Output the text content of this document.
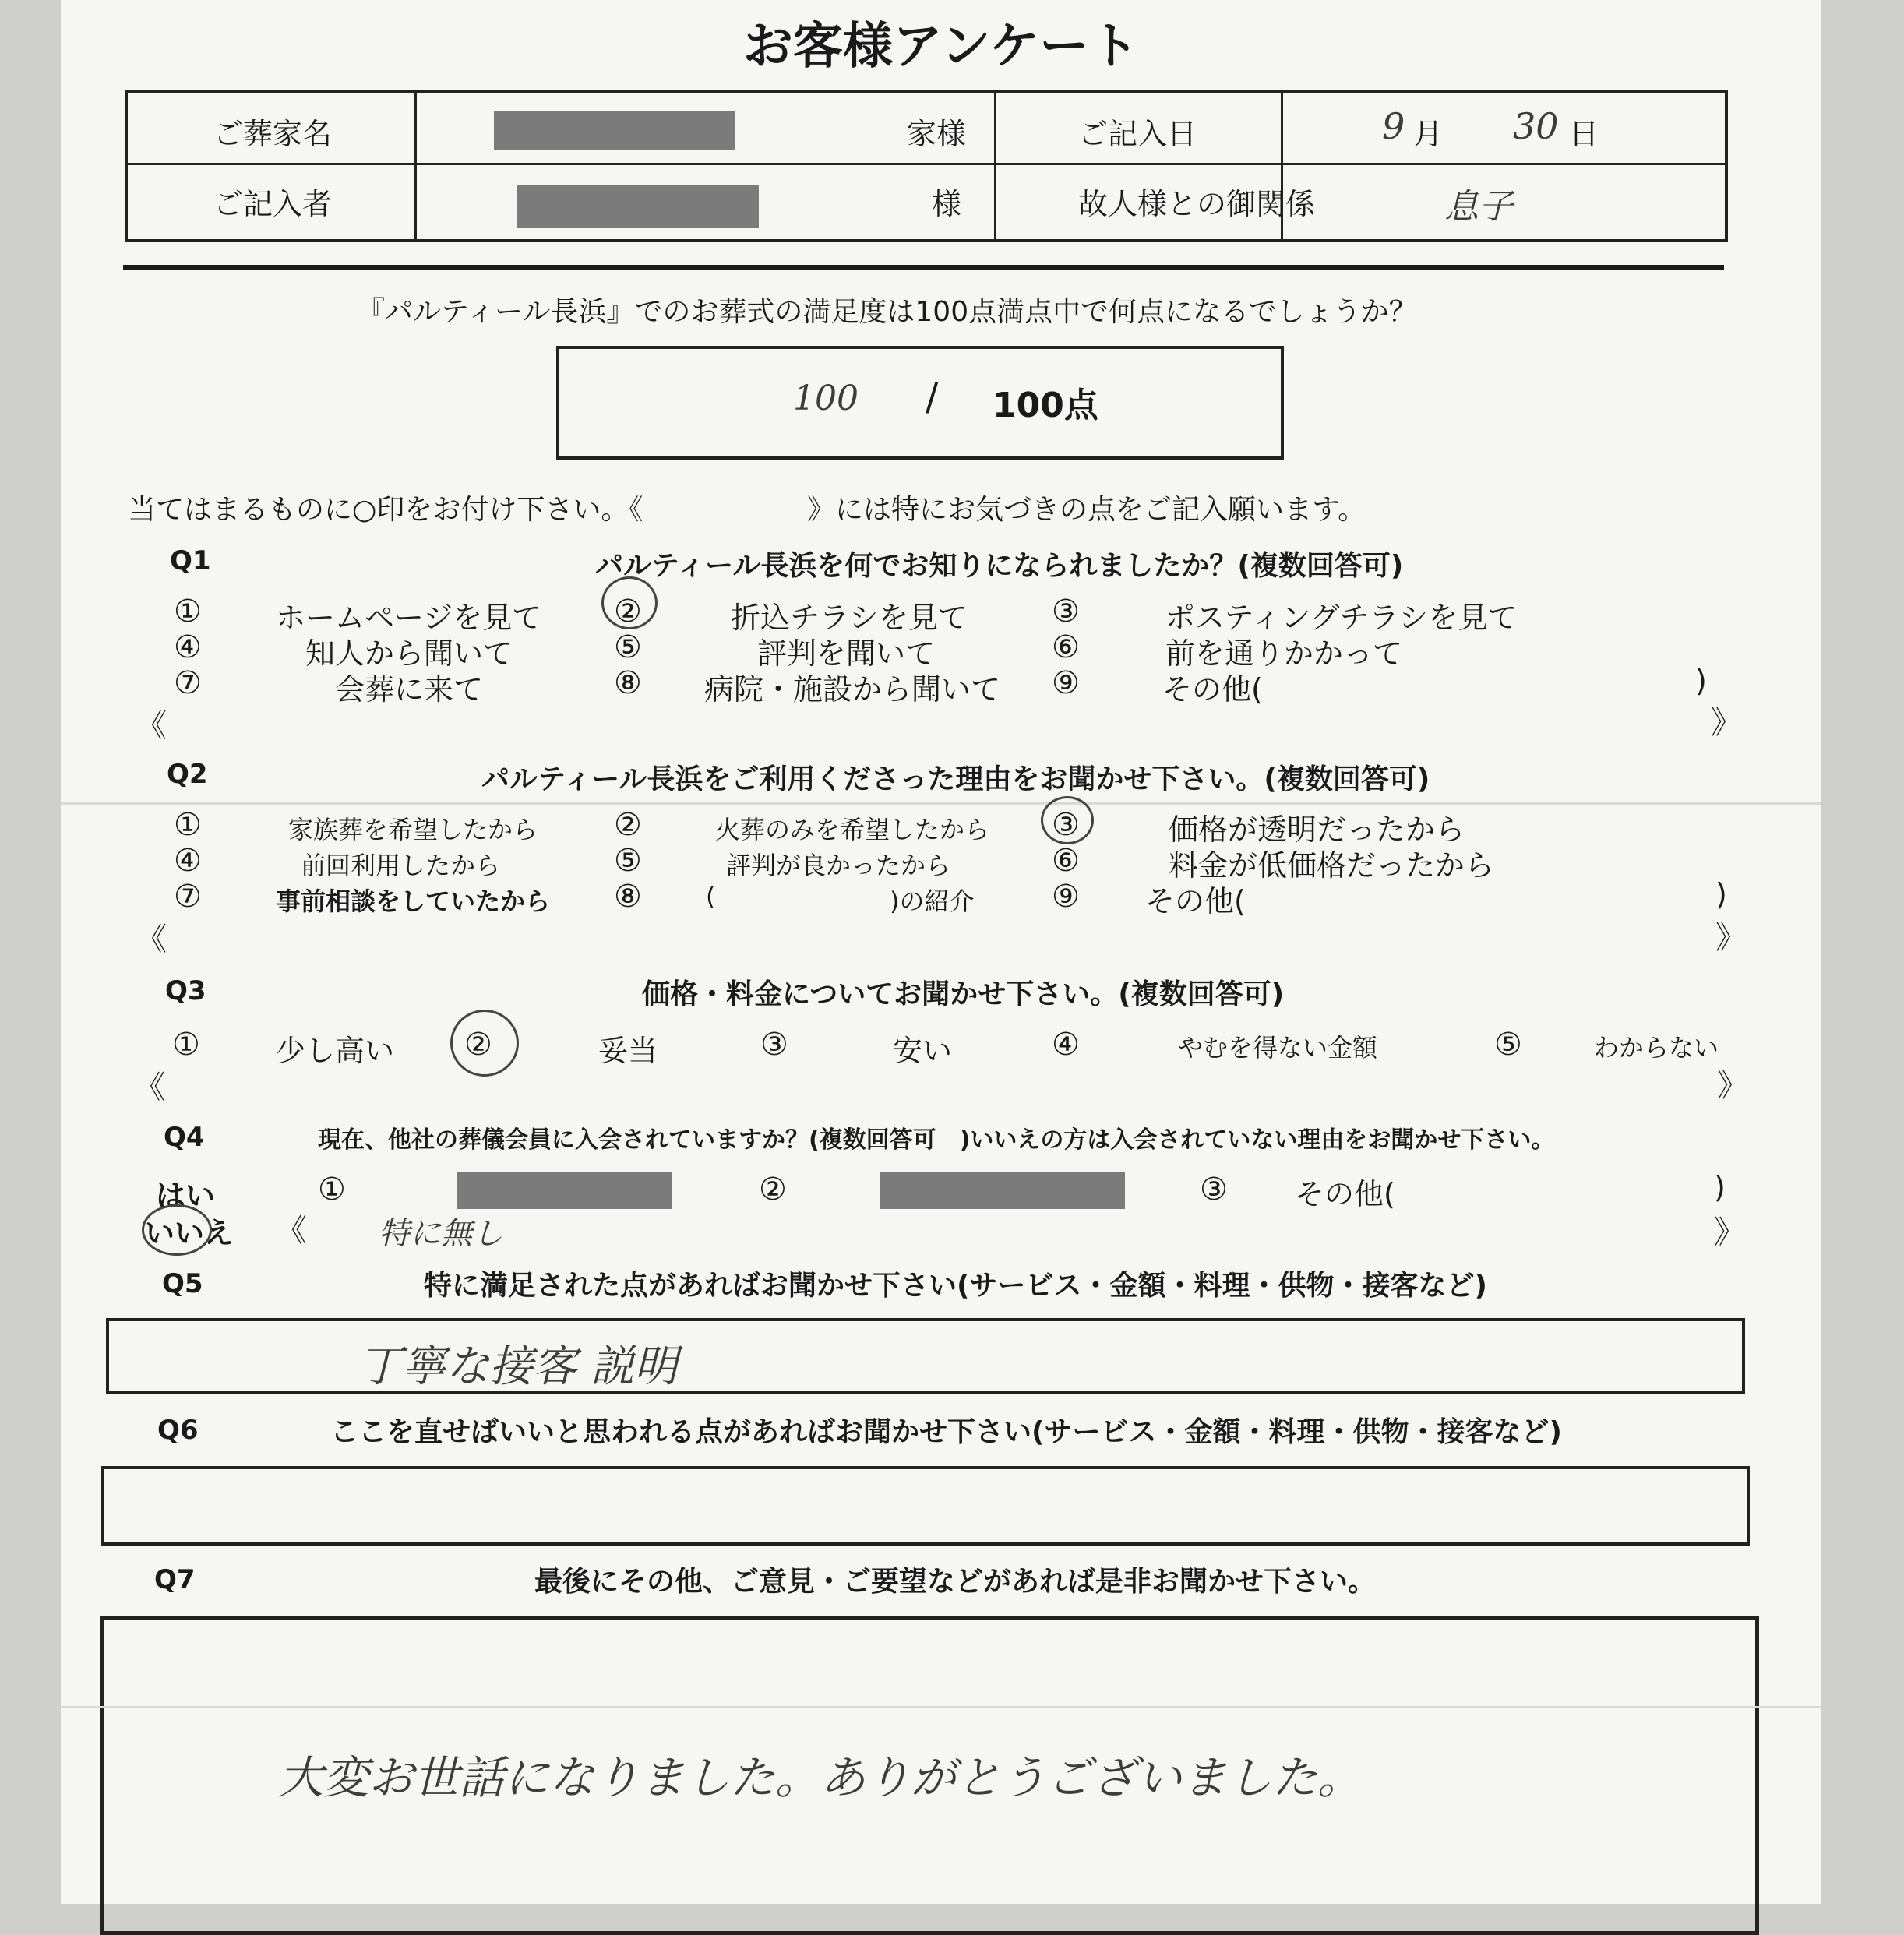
お客様アンケート
ご葬家名	家様	ご記入日	9 月 30 日
ご記入者	様	故人様との御関係	息子
『パルティール長浜』でのお葬式の満足度は100点満点中で何点になるでしょうか？
100 / 100点
当てはまるものに○印をお付け下さい。《	》には特にお気づきの点をご記入願います。
Q1	パルティール長浜を何でお知りになられましたか？(複数回答可)
①	ホームページを見て ②	折込チラシを見て	③	ポスティングチラシを見て
④	知人から聞いて	⑤	評判を聞いて	⑥	前を通りかかって
⑦	会葬に来て	⑧ 病院・施設から聞いて ⑨	その他(	)
《	》
Q2	パルティール長浜をご利用くださった理由をお聞かせ下さい。(複数回答可)
①	家族葬を希望したから ②	火葬のみを希望したから ③	価格が透明だったから
④	前回利用したから	⑤	評判が良かったから	⑥	料金が低価格だったから
⑦	事前相談をしていたから ⑧	(	)の紹介 ⑨ その他(	)
《	》
Q3	価格・料金についてお聞かせ下さい。(複数回答可)
①	少し高い ②	妥当	③	安い	④	やむを得ない金額	⑤	わからない
《	》
Q4	現在、他社の葬儀会員に入会されていますか？(複数回答可　)いいえの方は入会されていない理由をお聞かせ下さい。
はい
いいえ
①	②	③ その他(	)
《 特に無し	》
Q5	特に満足された点があればお聞かせ下さい(サービス・金額・料理・供物・接客など)
丁寧な接客 説明
Q6	ここを直せばいいと思われる点があればお聞かせ下さい(サービス・金額・料理・供物・接客など)
Q7	最後にその他、ご意見・ご要望などがあれば是非お聞かせ下さい。
大変お世話になりました。ありがとうございました。
